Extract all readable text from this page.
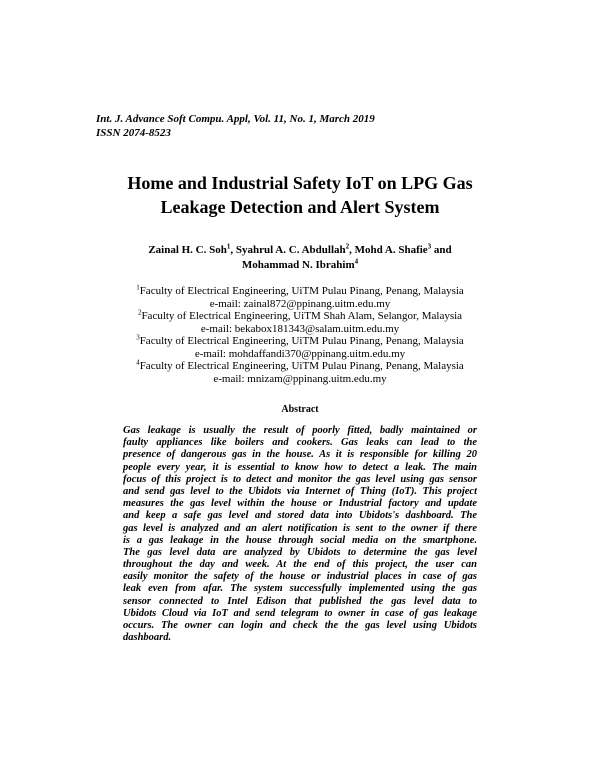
Int. J. Advance Soft Compu. Appl, Vol. 11, No. 1, March 2019
ISSN 2074-8523
Home and Industrial Safety IoT on LPG Gas
Leakage Detection and Alert System
Zainal H. C. Soh$^1$, Syahrul A. C. Abdullah$^2$, Mohd A. Shafie$^3$ and
Mohammad N. Ibrahim$^4$
$^1$Faculty of Electrical Engineering, UiTM Pulau Pinang, Penang, Malaysia
e-mail: zainal872@ppinang.uitm.edu.my
$^2$Faculty of Electrical Engineering, UiTM Shah Alam, Selangor, Malaysia
e-mail: bekabox181343@salam.uitm.edu.my
$^3$Faculty of Electrical Engineering, UiTM Pulau Pinang, Penang, Malaysia
e-mail: mohdaffandi370@ppinang.uitm.edu.my
$^4$Faculty of Electrical Engineering, UiTM Pulau Pinang, Penang, Malaysia
e-mail: mnizam@ppinang.uitm.edu.my
Abstract
Gas leakage is usually the result of poorly fitted, badly maintained or
faulty appliances like boilers and cookers. Gas leaks can lead to the
presence of dangerous gas in the house. As it is responsible for killing 20
people every year, it is essential to know how to detect a leak. The main
focus of this project is to detect and monitor the gas level using gas sensor
and send gas level to the Ubidots via Internet of Thing (IoT). This project
measures the gas level within the house or Industrial factory and update
and keep a safe gas level and stored data into Ubidots's dashboard. The
gas level is analyzed and an alert notification is sent to the owner if there
is a gas leakage in the house through social media on the smartphone.
The gas level data are analyzed by Ubidots to determine the gas level
throughout the day and week. At the end of this project, the user can
easily monitor the safety of the house or industrial places in case of gas
leak even from afar. The system successfully implemented using the gas
sensor connected to Intel Edison that published the gas level data to
Ubidots Cloud via IoT and send telegram to owner in case of gas leakage
occurs. The owner can login and check the the gas level using Ubidots
dashboard.
